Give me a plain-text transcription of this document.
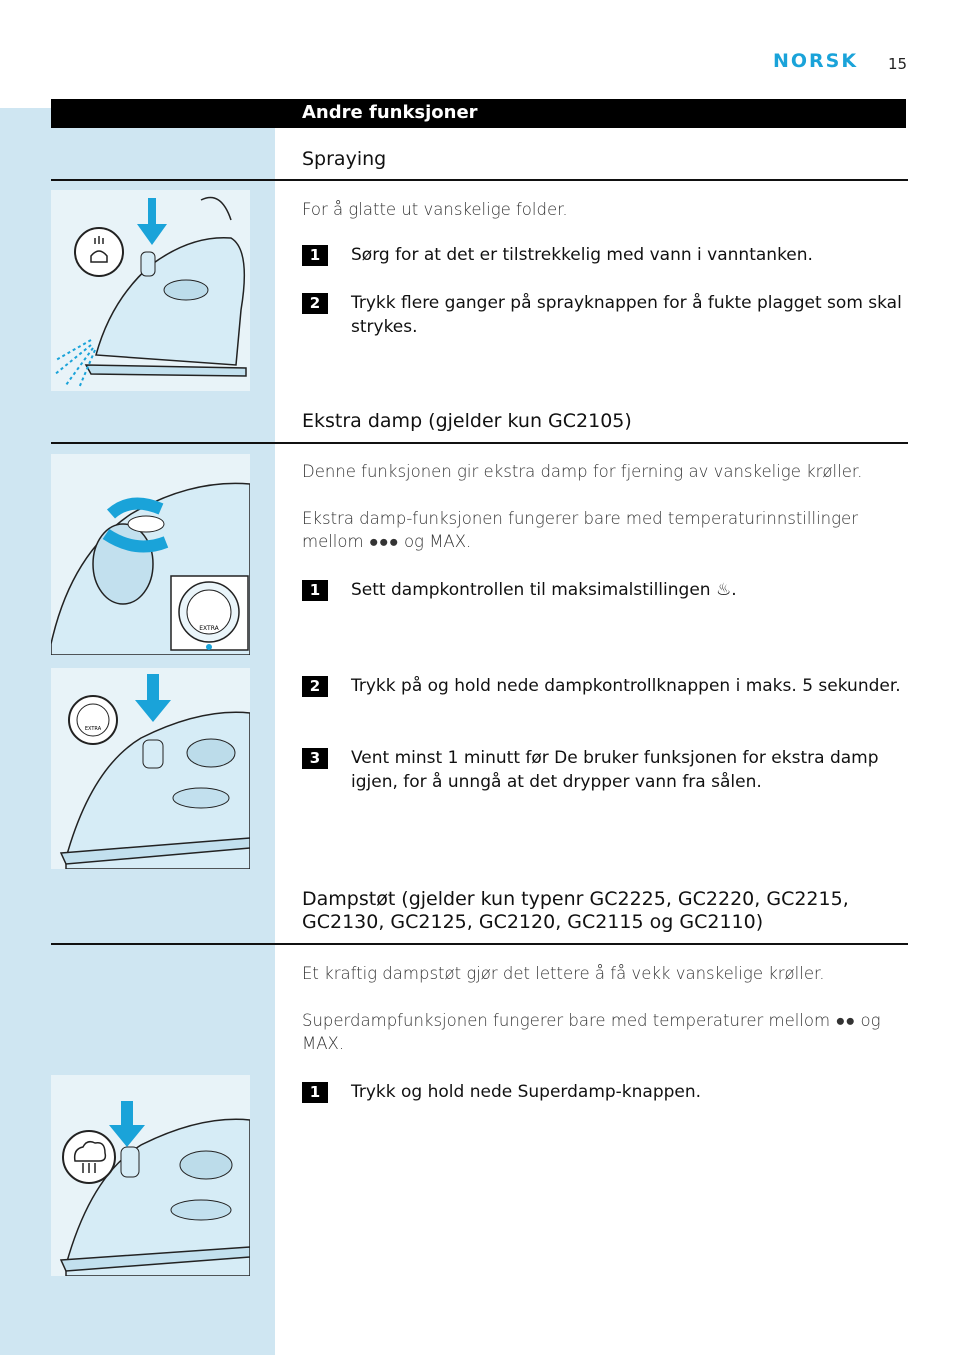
NORSK 15
Andre funksjoner
Spraying
For å glatte ut vanskelige folder.
1	Sørg for at det er tilstrekkelig med vann i vanntanken.
2	Trykk flere ganger på sprayknappen for å fukte plagget som skal strykes.
Ekstra damp (gjelder kun GC2105)
EXTRA
EXTRA
Denne funksjonen gir ekstra damp for fjerning av vanskelige krøller.
Ekstra damp-funksjonen fungerer bare med temperaturinnstillinger mellom ●●● og MAX.
1	Sett dampkontrollen til maksimalstillingen ♨.
2	Trykk på og hold nede dampkontrollknappen i maks. 5 sekunder.
3	Vent minst 1 minutt før De bruker funksjonen for ekstra damp igjen, for å unngå at det drypper vann fra sålen.
Dampstøt (gjelder kun typenr GC2225, GC2220, GC2215, GC2130, GC2125, GC2120, GC2115 og GC2110)
Et kraftig dampstøt gjør det lettere å få vekk vanskelige krøller.
Superdampfunksjonen fungerer bare med temperaturer mellom ●● og MAX.
1	Trykk og hold nede Superdamp-knappen.
